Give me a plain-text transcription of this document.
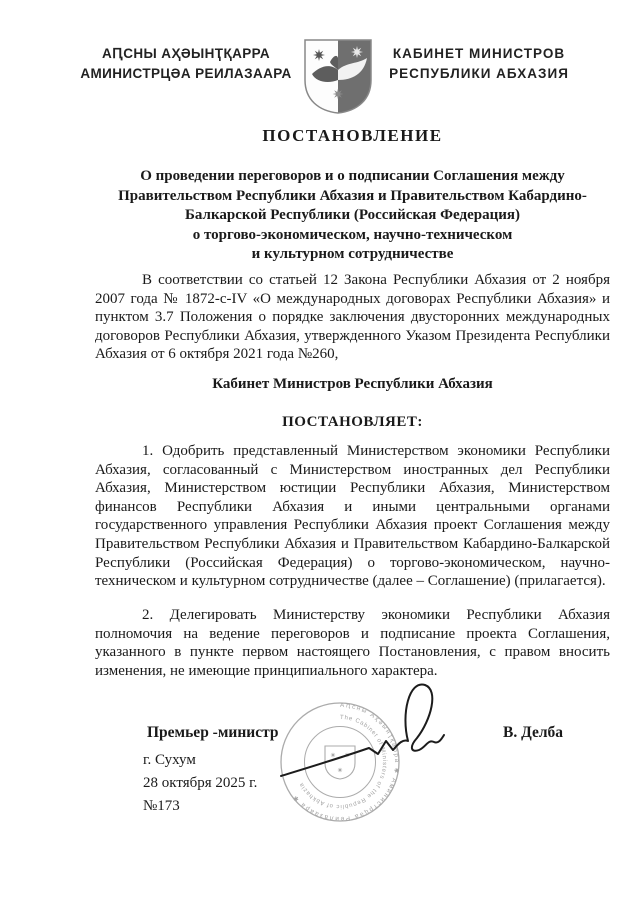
АԤСНЫ АҲӘЫНҬҚАРРА
АМИНИСТРЦӘА РЕИЛАЗААРА
КАБИНЕТ МИНИСТРОВ
РЕСПУБЛИКИ АБХАЗИЯ
ПОСТАНОВЛЕНИЕ
О проведении переговоров и о подписании Соглашения между
Правительством Республики Абхазия и Правительством Кабардино-
Балкарской Республики (Российская Федерация)
о торгово-экономическом, научно-техническом
и культурном сотрудничестве

В соответствии со статьей 12 Закона Республики Абхазия от 2 ноября 2007 года № 1872-с-IV «О международных договорах Республики Абхазия» и пунктом 3.7 Положения о порядке заключения двусторонних международных договоров Республики Абхазия, утвержденного Указом Президента Республики Абхазия от 6 октября 2021 года №260,

Кабинет Министров Республики Абхазия

ПОСТАНОВЛЯЕТ:

1. Одобрить представленный Министерством экономики Республики Абхазия, согласованный с Министерством иностранных дел Республики Абхазия, Министерством юстиции Республики Абхазия, Министерством финансов Республики Абхазия и иными центральными органами государственного управления Республики Абхазия проект Соглашения между Правительством Республики Абхазия и Правительством Кабардино-Балкарской Республики (Российская Федерация) о торгово-экономическом, научно-техническом и культурном сотрудничестве (далее – Соглашение) (прилагается).

2. Делегировать Министерству экономики Республики Абхазия полномочия на ведение переговоров и подписание проекта Соглашения, указанного в пункте первом настоящего Постановления, с правом вносить изменения, не имеющие принципиального характера.

Премьер -министр	В. Делба
г. Сухум
28 октября 2025 г.
№173
Аԥсны Аҳәынҭқарра ✱ Аминистрцәа Реилазаара ✱
The Cabinet of Ministers of the Republic of Abkhazia
